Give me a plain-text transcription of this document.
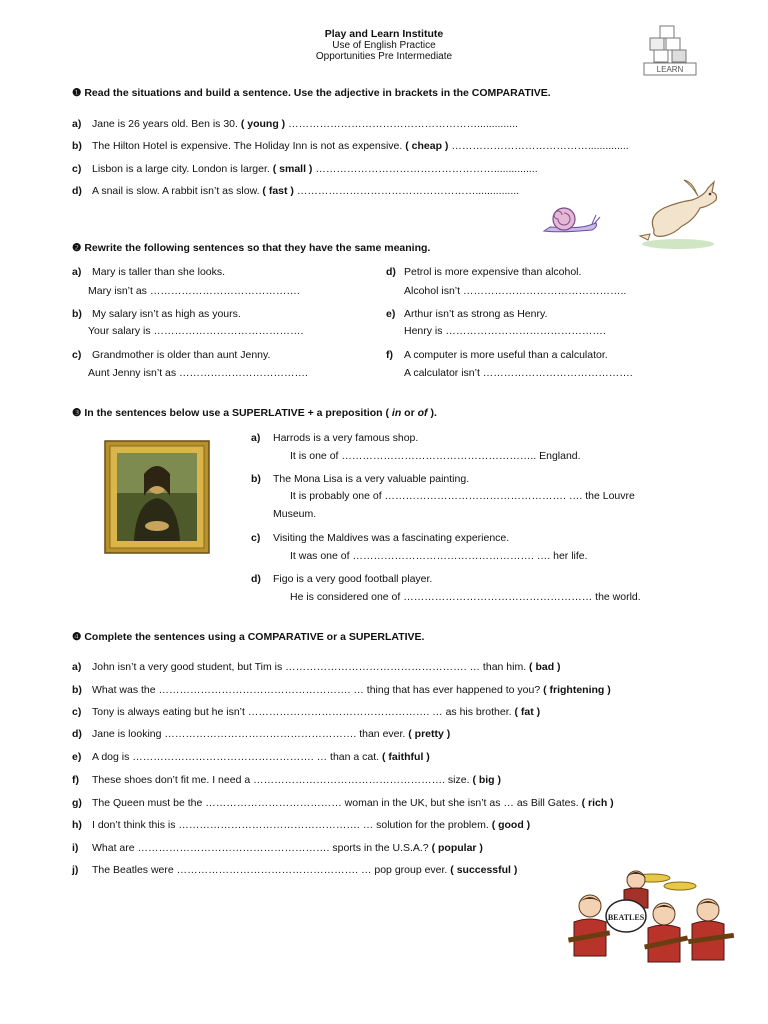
Play and Learn Institute
Use of English Practice
Opportunities Pre Intermediate
LEARN
❶ Read the situations and build a sentence. Use the adjective in brackets in the COMPARATIVE.
a) Jane is 26 years old. Ben is 30. ( young ) ………………………………………………..............
b) The Hilton Hotel is expensive. The Holiday Inn is not as expensive. ( cheap ) …………………………………..............
c) Lisbon is a large city. London is larger. ( small ) ……………………………………………...............
d) A snail is slow. A rabbit isn’t as slow. ( fast ) ……………………………………………...............
❷ Rewrite the following sentences so that they have the same meaning.
a) Mary is taller than she looks.
Mary isn’t as …………………………………….
b) My salary isn’t as high as yours.
Your salary is …………………………………….
c) Grandmother is older than aunt Jenny.
Aunt Jenny isn’t as ……………………………….
d) Petrol is more expensive than alcohol.
Alcohol isn’t ………………………………………..
e) Arthur isn’t as strong as Henry.
Henry is ……………………………………….
f) A computer is more useful than a calculator.
A calculator isn’t …………………………………….
❸ In the sentences below use a SUPERLATIVE + a preposition ( in or of ).
a) Harrods is a very famous shop.
It is one of ……………………………………………….. England.
b) The Mona Lisa is a very valuable painting.
It is probably one of ……………………………………………. …. the Louvre
Museum.
c) Visiting the Maldives was a fascinating experience.
It was one of ……………………………………………. …. her life.
d) Figo is a very good football player.
He is considered one of ……………………………………………… the world.
❹ Complete the sentences using a COMPARATIVE or a SUPERLATIVE.
a) John isn’t a very good student, but Tim is ……………………………………………. … than him. ( bad )
b) What was the ………………………………………………. … thing that has ever happened to you? ( frightening )
c) Tony is always eating but he isn’t ……………………………………………. … as his brother. ( fat )
d) Jane is looking ………………………………………………. than ever. ( pretty )
e) A dog is ……………………………………………. … than a cat. ( faithful )
f) These shoes don’t fit me. I need a ………………………………………………. size. ( big )
g) The Queen must be the ………………………………… woman in the UK, but she isn’t as … as Bill Gates. ( rich )
h) I don’t think this is ……………………………………………. … solution for the problem. ( good )
i) What are ………………………………………………. sports in the U.S.A.? ( popular )
j) The Beatles were ……………………………………………. … pop group ever. ( successful )
BEATLES
